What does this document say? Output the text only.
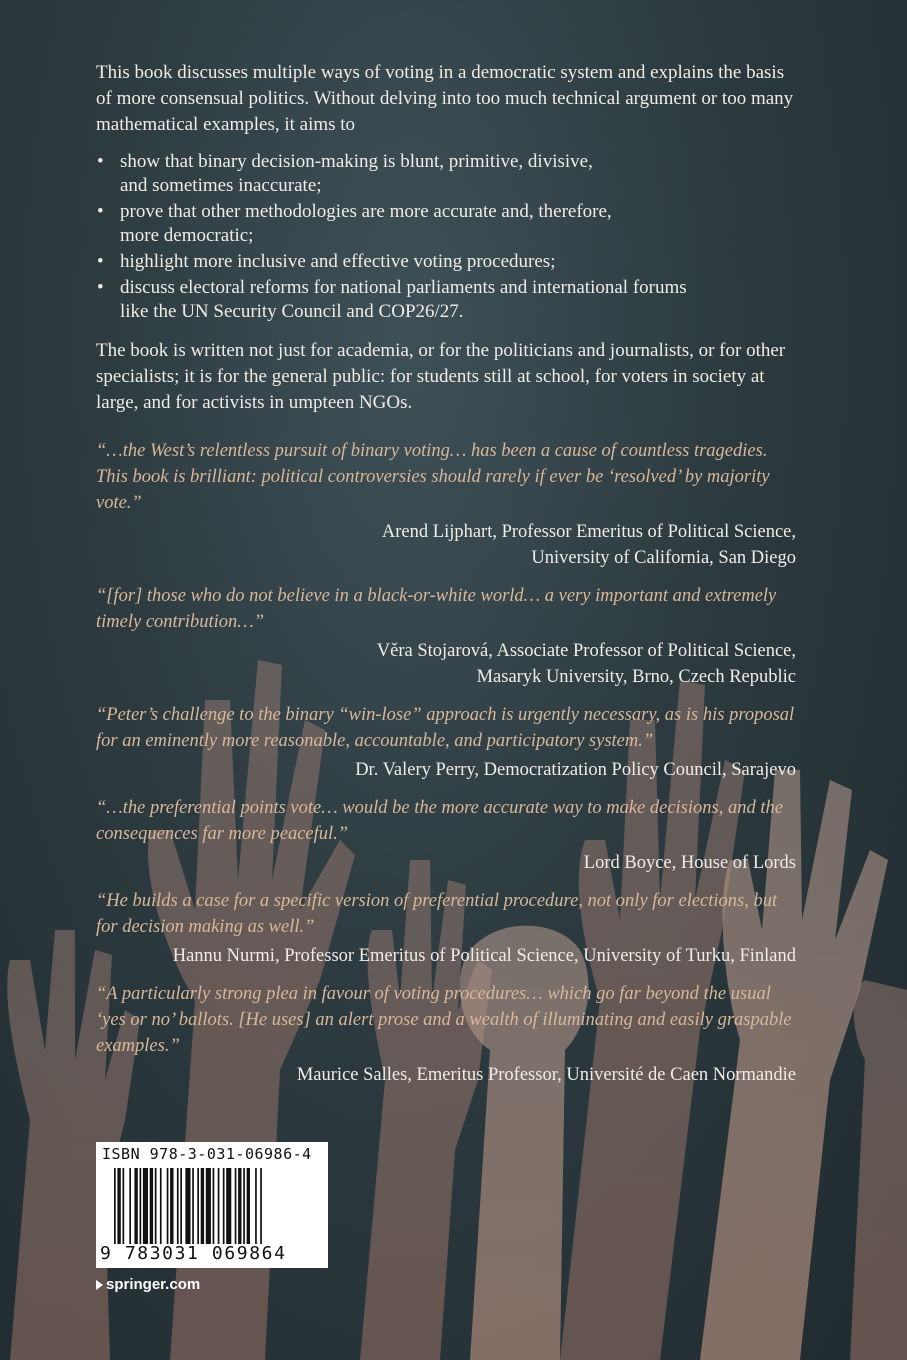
This book discusses multiple ways of voting in a democratic system and explains the basis of more consensual politics. Without delving into too much technical argument or too many mathematical examples, it aims to

• show that binary decision-making is blunt, primitive, divisive,
and sometimes inaccurate;
• prove that other methodologies are more accurate and, therefore,
more democratic;
• highlight more inclusive and effective voting procedures;
• discuss electoral reforms for national parliaments and international forums
like the UN Security Council and COP26/27.

The book is written not just for academia, or for the politicians and journalists, or for other specialists; it is for the general public: for students still at school, for voters in society at large, and for activists in umpteen NGOs.

“…the West’s relentless pursuit of binary voting… has been a cause of countless tragedies. This book is brilliant: political controversies should rarely if ever be ‘resolved’ by majority vote.”

Arend Lijphart, Professor Emeritus of Political Science,
University of California, San Diego

“[for] those who do not believe in a black-or-white world… a very important and extremely timely contribution…”

Věra Stojarová, Associate Professor of Political Science,
Masaryk University, Brno, Czech Republic

“Peter’s challenge to the binary “win-lose” approach is urgently necessary, as is his proposal for an eminently more reasonable, accountable, and participatory system.”

Dr. Valery Perry, Democratization Policy Council, Sarajevo

“…the preferential points vote… would be the more accurate way to make decisions, and the consequences far more peaceful.”

Lord Boyce, House of Lords

“He builds a case for a specific version of preferential procedure, not only for elections, but for decision making as well.”

Hannu Nurmi, Professor Emeritus of Political Science, University of Turku, Finland

“A particularly strong plea in favour of voting procedures… which go far beyond the usual ‘yes or no’ ballots. [He uses] an alert prose and a wealth of illuminating and easily graspable examples.”

Maurice Salles, Emeritus Professor, Université de Caen Normandie

ISBN 978-3-031-06986-4
9 783031 069864
springer.com
